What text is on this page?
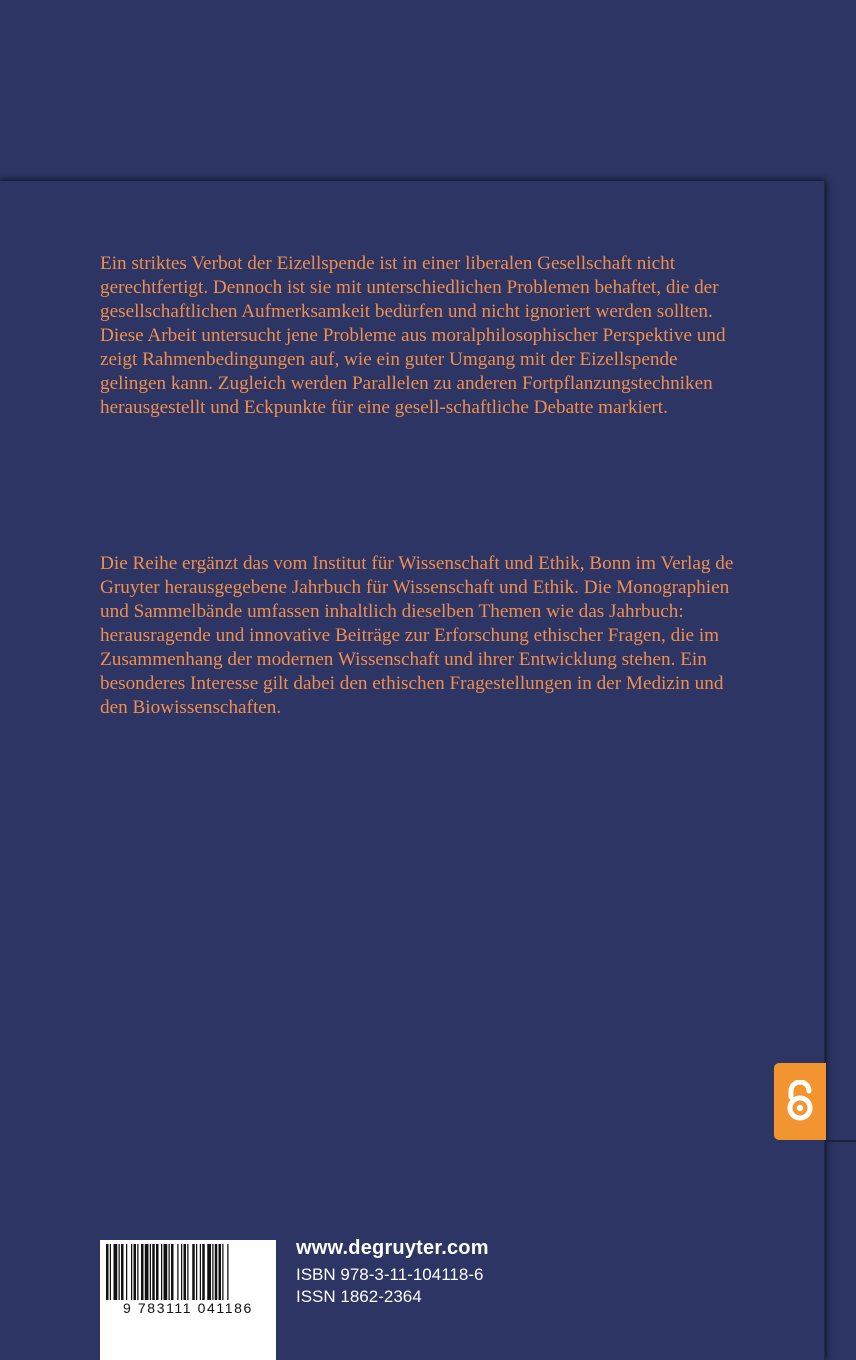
Ein striktes Verbot der Eizellspende ist in einer liberalen Gesellschaft nicht gerechtfertigt. Dennoch ist sie mit unterschiedlichen Problemen behaftet, die der gesellschaftlichen Aufmerksamkeit bedürfen und nicht ignoriert werden sollten. Diese Arbeit untersucht jene Probleme aus moralphilosophischer Perspektive und zeigt Rahmenbedingungen auf, wie ein guter Umgang mit der Eizellspende gelingen kann. Zugleich werden Parallelen zu anderen Fortpflanzungstechniken herausgestellt und Eckpunkte für eine gesell-schaftliche Debatte markiert.

Die Reihe ergänzt das vom Institut für Wissenschaft und Ethik, Bonn im Verlag de Gruyter herausgegebene Jahrbuch für Wissenschaft und Ethik. Die Monographien und Sammelbände umfassen inhaltlich dieselben Themen wie das Jahrbuch: herausragende und innovative Beiträge zur Erforschung ethischer Fragen, die im Zusammenhang der modernen Wissenschaft und ihrer Entwicklung stehen. Ein besonderes Interesse gilt dabei den ethischen Fragestellungen in der Medizin und den Biowissenschaften.

9 783111 041186
www.degruyter.com
ISBN 978-3-11-104118-6
ISSN 1862-2364
